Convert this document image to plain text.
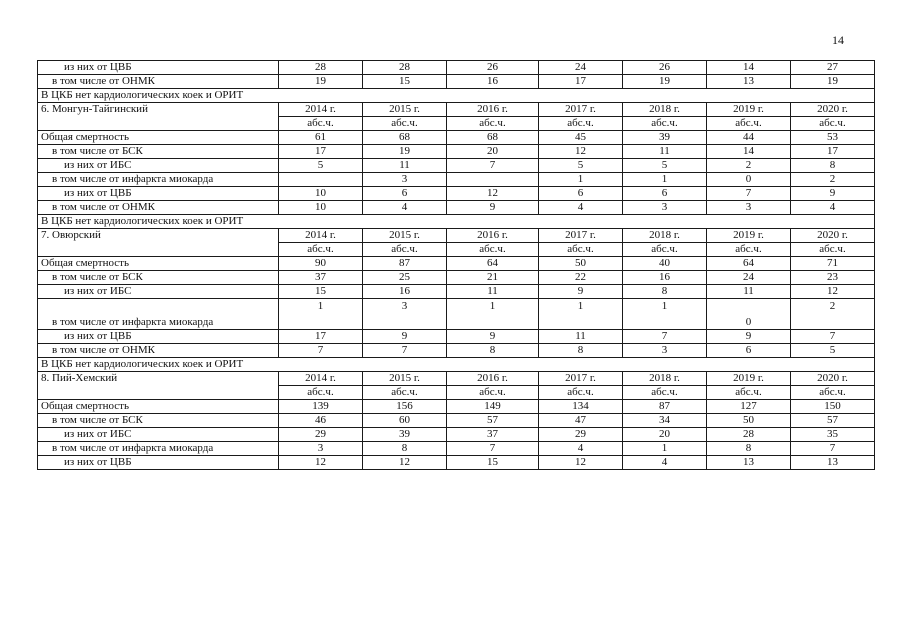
14
из них от ЦВБ	28	28	26	24	26	14	27
в том числе от ОНМК	19	15	16	17	19	13	19
В ЦКБ нет кардиологических коек и ОРИТ							
6. Монгун-Тайгинский	2014 г.	2015 г.	2016 г.	2017 г.	2018 г.	2019 г.	2020 г.
	абс.ч.	абс.ч.	абс.ч.	абс.ч.	абс.ч.	абс.ч.	абс.ч.
Общая смертность	61	68	68	45	39	44	53
в том числе от БСК	17	19	20	12	11	14	17
из них от ИБС	5	11	7	5	5	2	8
в том числе от инфаркта миокарда		3		1	1	0	2
из них от ЦВБ	10	6	12	6	6	7	9
в том числе от ОНМК	10	4	9	4	3	3	4
В ЦКБ нет кардиологических коек и ОРИТ							
7. Овюрский	2014 г.	2015 г.	2016 г.	2017 г.	2018 г.	2019 г.	2020 г.
	абс.ч.	абс.ч.	абс.ч.	абс.ч.	абс.ч.	абс.ч.	абс.ч.
Общая смертность	90	87	64	50	40	64	71
в том числе от БСК	37	25	21	22	16	24	23
из них от ИБС	15	16	11	9	8	11	12
в том числе от инфаркта миокарда	1	3	1	1	1	0	2

из них от ЦВБ	17	9	9	11	7	9	7
в том числе от ОНМК	7	7	8	8	3	6	5
В ЦКБ нет кардиологических коек и ОРИТ							
8. Пий-Хемский	2014 г.	2015 г.	2016 г.	2017 г.	2018 г.	2019 г.	2020 г.
	абс.ч.	абс.ч.	абс.ч.	абс.ч.	абс.ч.	абс.ч.	абс.ч.
Общая смертность	139	156	149	134	87	127	150
в том числе от БСК	46	60	57	47	34	50	57
из них от ИБС	29	39	37	29	20	28	35
в том числе от инфаркта миокарда	3	8	7	4	1	8	7
из них от ЦВБ	12	12	15	12	4	13	13
